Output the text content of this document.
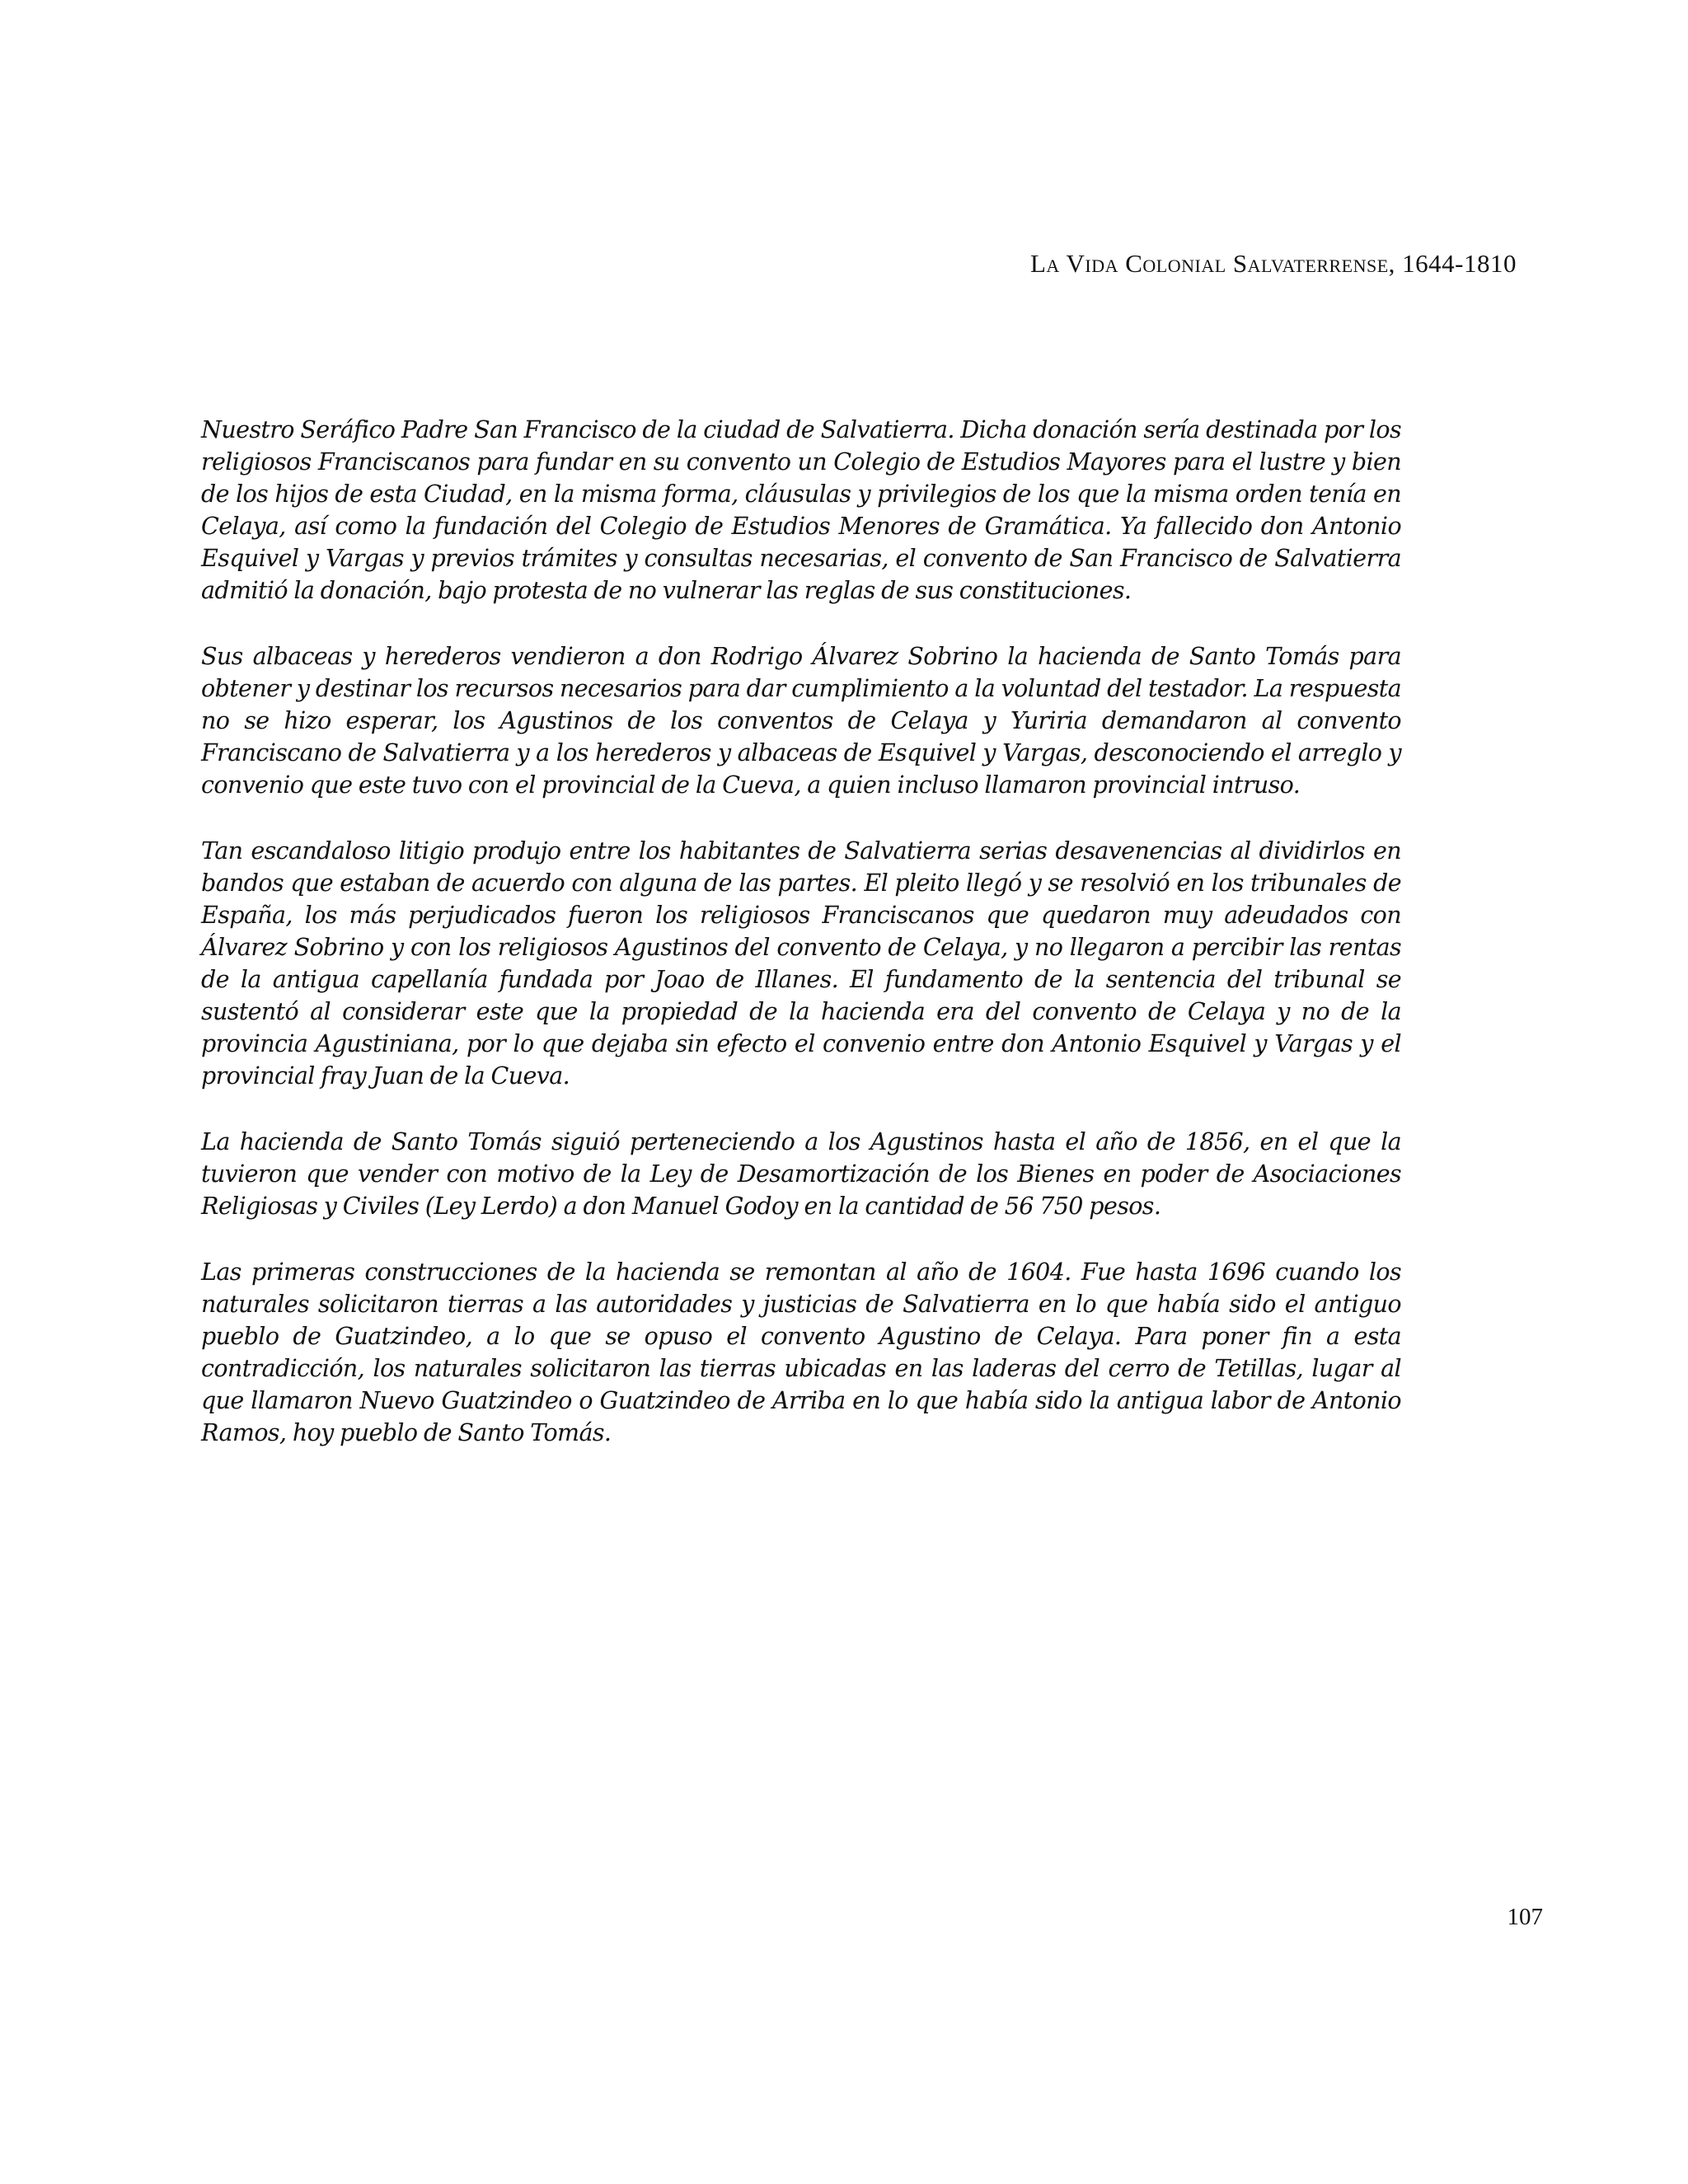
La Vida Colonial Salvaterrense, 1644-1810

Nuestro Seráfico Padre San Francisco de la ciudad de Salvatierra. Dicha donación sería destinada por los religiosos Franciscanos para fundar en su convento un Colegio de Estudios Mayores para el lustre y bien de los hijos de esta Ciudad, en la misma forma, cláusulas y privilegios de los que la misma orden tenía en Celaya, así como la fundación del Colegio de Estudios Menores de Gramática. Ya fallecido don Antonio Esquivel y Vargas y previos trámites y consultas necesarias, el convento de San Francisco de Salvatierra admitió la donación, bajo protesta de no vulnerar las reglas de sus constituciones.

Sus albaceas y herederos vendieron a don Rodrigo Álvarez Sobrino la hacienda de Santo Tomás para obtener y destinar los recursos necesarios para dar cumplimiento a la voluntad del testador. La respuesta no se hizo esperar, los Agustinos de los conventos de Celaya y Yuriria demandaron al convento Franciscano de Salvatierra y a los herederos y albaceas de Esquivel y Vargas, desconociendo el arreglo y convenio que este tuvo con el provincial de la Cueva, a quien incluso llamaron provincial intruso.

Tan escandaloso litigio produjo entre los habitantes de Salvatierra serias desavenencias al dividirlos en bandos que estaban de acuerdo con alguna de las partes. El pleito llegó y se resolvió en los tribunales de España, los más perjudicados fueron los religiosos Franciscanos que quedaron muy adeudados con Álvarez Sobrino y con los religiosos Agustinos del convento de Celaya, y no llegaron a percibir las rentas de la antigua capellanía fundada por Joao de Illanes. El fundamento de la sentencia del tribunal se sustentó al considerar este que la propiedad de la hacienda era del convento de Celaya y no de la provincia Agustiniana, por lo que dejaba sin efecto el convenio entre don Antonio Esquivel y Vargas y el provincial fray Juan de la Cueva.

La hacienda de Santo Tomás siguió perteneciendo a los Agustinos hasta el año de 1856, en el que la tuvieron que vender con motivo de la Ley de Desamortización de los Bienes en poder de Asociaciones Religiosas y Civiles (Ley Lerdo) a don Manuel Godoy en la cantidad de 56 750 pesos.

Las primeras construcciones de la hacienda se remontan al año de 1604. Fue hasta 1696 cuando los naturales solicitaron tierras a las autoridades y justicias de Salvatierra en lo que había sido el antiguo pueblo de Guatzindeo, a lo que se opuso el convento Agustino de Celaya. Para poner fin a esta contradicción, los naturales solicitaron las tierras ubicadas en las laderas del cerro de Tetillas, lugar al que llamaron Nuevo Guatzindeo o Guatzindeo de Arriba en lo que había sido la antigua labor de Antonio Ramos, hoy pueblo de Santo Tomás.

107
